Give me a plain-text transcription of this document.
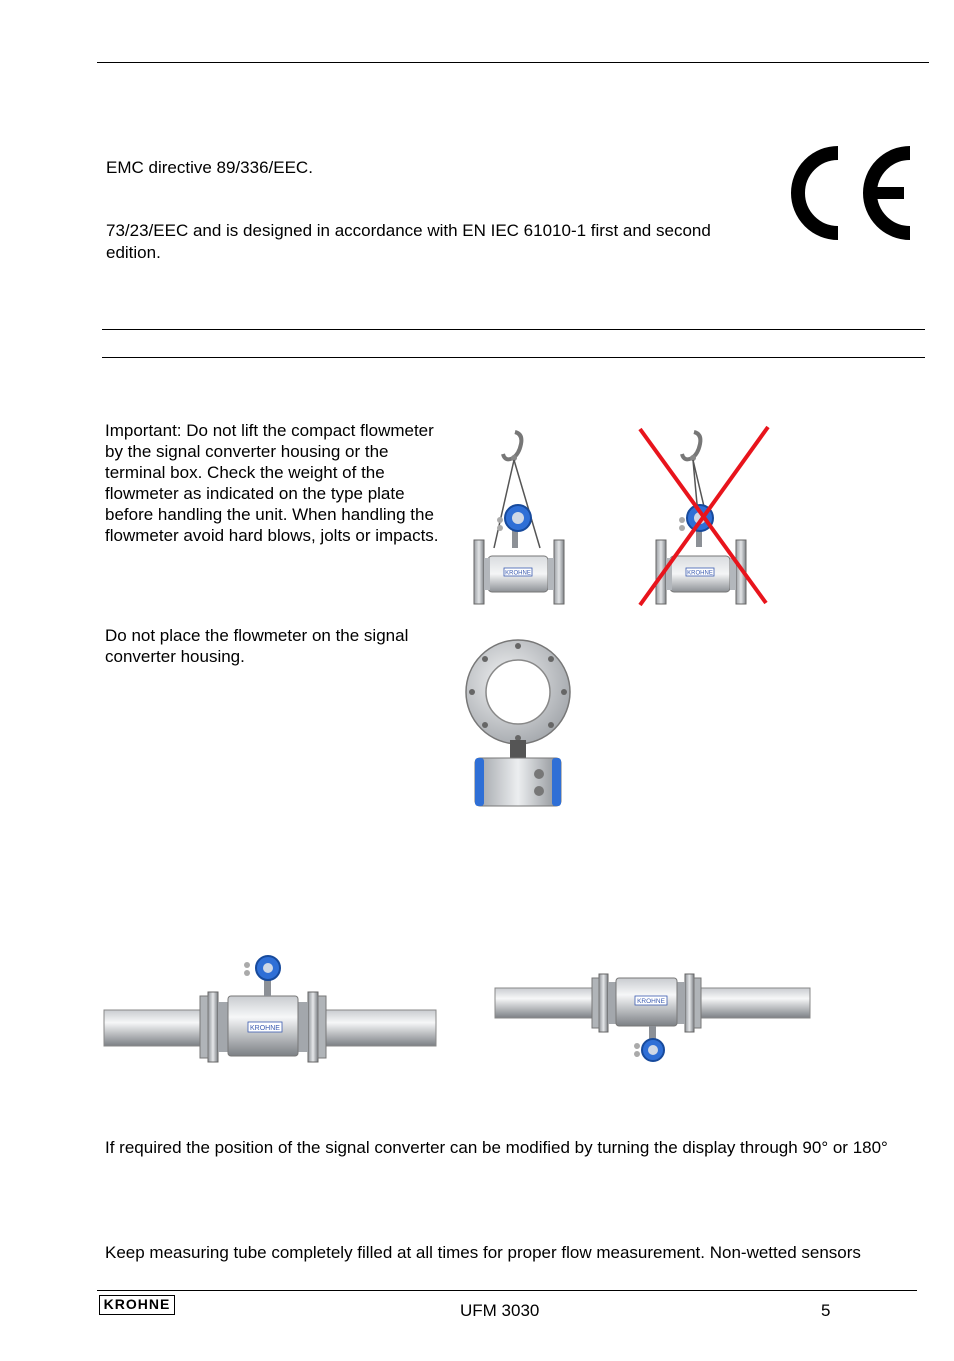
EMC directive 89/336/EEC.
73/23/EEC and is designed in accordance with EN IEC 61010-1 first and second
edition.
Important: Do not lift the compact flowmeter by the signal converter housing or the terminal box. Check the weight of the flowmeter as indicated on the type plate before handling the unit. When handling the flowmeter avoid hard blows, jolts or impacts.
KROHNE	KROHNE
Do not place the flowmeter on the signal converter housing.
KROHNE
KROHNE
If required the position of the signal converter can be modified by turning the display through 90° or 180°
Keep measuring tube completely filled at all times for proper flow measurement. Non-wetted sensors
KROHNE	UFM 3030	5
